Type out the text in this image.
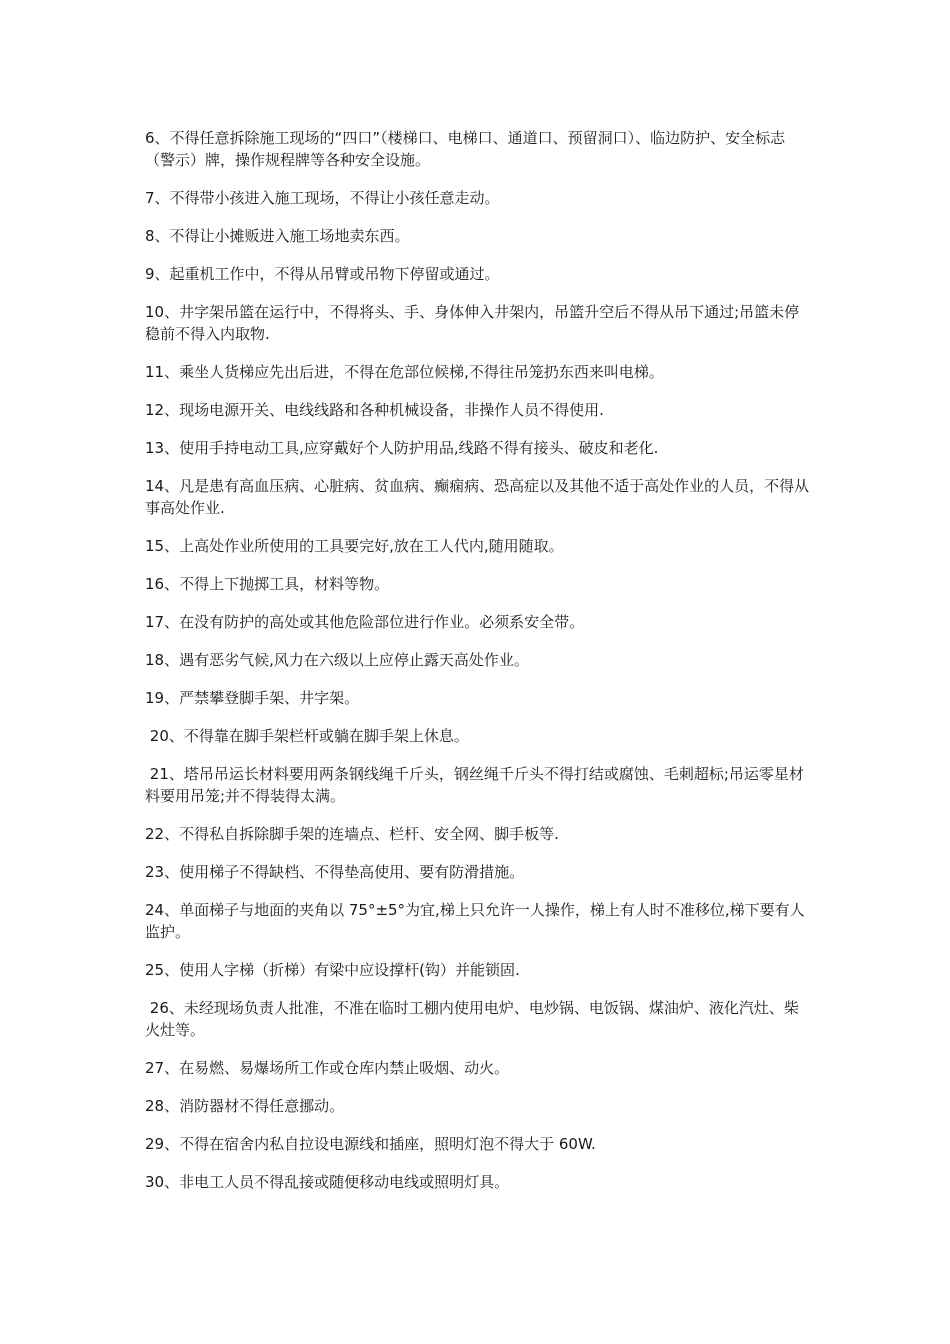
6、不得任意拆除施工现场的“四口”（楼梯口、电梯口、通道口、预留洞口）、临边防护、安全标志（警示）牌，操作规程牌等各种安全设施。
7、不得带小孩进入施工现场，不得让小孩任意走动。
8、不得让小摊贩进入施工场地卖东西。
9、起重机工作中，不得从吊臂或吊物下停留或通过。
10、井字架吊篮在运行中，不得将头、手、身体伸入井架内，吊篮升空后不得从吊下通过;吊篮未停稳前不得入内取物.
11、乘坐人货梯应先出后进，不得在危部位候梯,不得往吊笼扔东西来叫电梯。
12、现场电源开关、电线线路和各种机械设备，非操作人员不得使用.
13、使用手持电动工具,应穿戴好个人防护用品,线路不得有接头、破皮和老化.
14、凡是患有高血压病、心脏病、贫血病、癫痫病、恐高症以及其他不适于高处作业的人员，不得从事高处作业.
15、上高处作业所使用的工具要完好,放在工人代内,随用随取。
16、不得上下抛掷工具，材料等物。
17、在没有防护的高处或其他危险部位进行作业。必须系安全带。
18、遇有恶劣气候,风力在六级以上应停止露天高处作业。
19、严禁攀登脚手架、井字架。
20、不得靠在脚手架栏杆或躺在脚手架上休息。
21、塔吊吊运长材料要用两条钢线绳千斤头，钢丝绳千斤头不得打结或腐蚀、毛刺超标;吊运零星材料要用吊笼;并不得装得太满。
22、不得私自拆除脚手架的连墙点、栏杆、安全网、脚手板等.
23、使用梯子不得缺档、不得垫高使用、要有防滑措施。
24、单面梯子与地面的夹角以 75°±5°为宜,梯上只允许一人操作，梯上有人时不准移位,梯下要有人监护。
25、使用人字梯（折梯）有梁中应设撑杆(钩）并能锁固.
26、未经现场负责人批准，不准在临时工棚内使用电炉、电炒锅、电饭锅、煤油炉、液化汽灶、柴火灶等。
27、在易燃、易爆场所工作或仓库内禁止吸烟、动火。
28、消防器材不得任意挪动。
29、不得在宿舍内私自拉设电源线和插座，照明灯泡不得大于 60W.
30、非电工人员不得乱接或随便移动电线或照明灯具。
